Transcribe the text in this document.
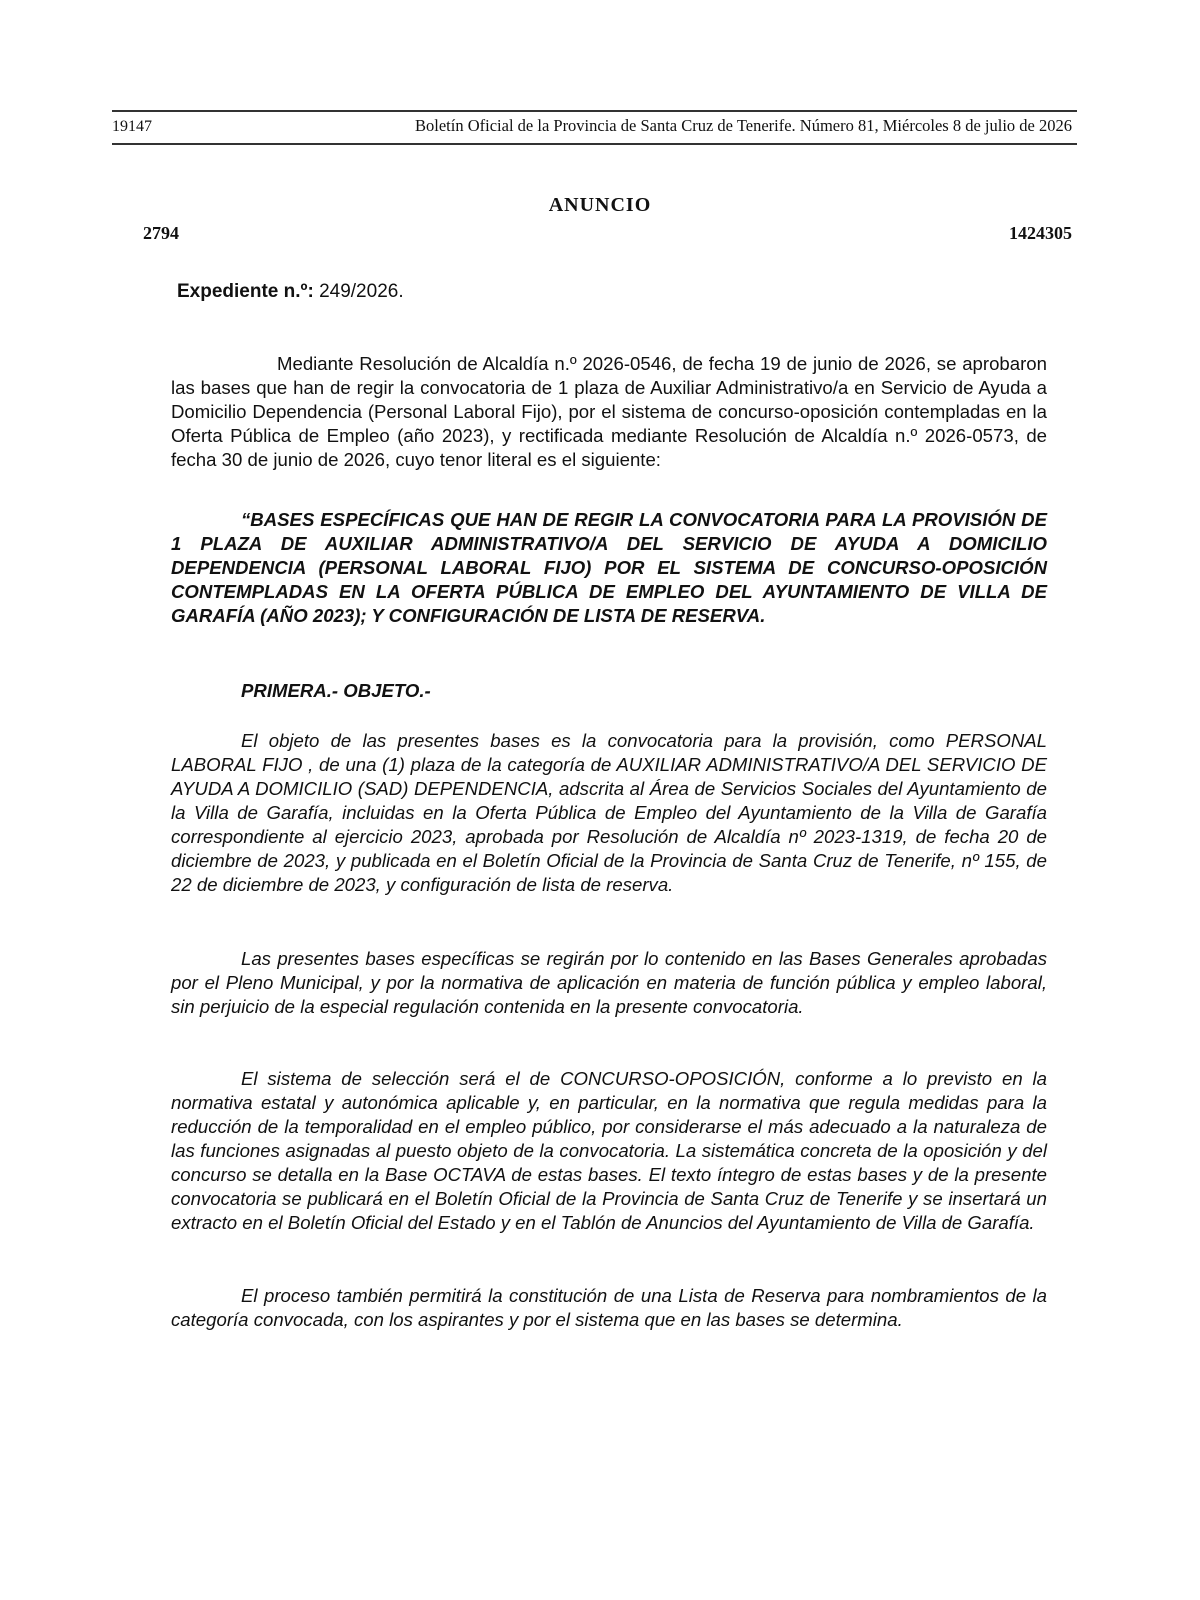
19147	Boletín Oficial de la Provincia de Santa Cruz de Tenerife. Número 81, Miércoles 8 de julio de 2026
ANUNCIO
2794	1424305
Expediente n.º: 249/2026.
Mediante Resolución de Alcaldía n.º 2026-0546, de fecha 19 de junio de 2026, se aprobaron las bases que han de regir la convocatoria de 1 plaza de Auxiliar Administrativo/a en Servicio de Ayuda a Domicilio Dependencia (Personal Laboral Fijo), por el sistema de concurso-oposición contempladas en la Oferta Pública de Empleo (año 2023), y rectificada mediante Resolución de Alcaldía n.º 2026-0573, de fecha 30 de junio de 2026, cuyo tenor literal es el siguiente:
“BASES ESPECÍFICAS QUE HAN DE REGIR LA CONVOCATORIA PARA LA PROVISIÓN DE 1 PLAZA DE AUXILIAR ADMINISTRATIVO/A DEL SERVICIO DE AYUDA A DOMICILIO DEPENDENCIA (PERSONAL LABORAL FIJO) POR EL SISTEMA DE CONCURSO-OPOSICIÓN CONTEMPLADAS EN LA OFERTA PÚBLICA DE EMPLEO DEL AYUNTAMIENTO DE VILLA DE GARAFÍA (AÑO 2023); Y CONFIGURACIÓN DE LISTA DE RESERVA.
PRIMERA.- OBJETO.-
El objeto de las presentes bases es la convocatoria para la provisión, como PERSONAL LABORAL FIJO , de una (1) plaza de la categoría de AUXILIAR ADMINISTRATIVO/A DEL SERVICIO DE AYUDA A DOMICILIO (SAD) DEPENDENCIA, adscrita al Área de Servicios Sociales del Ayuntamiento de la Villa de Garafía, incluidas en la Oferta Pública de Empleo del Ayuntamiento de la Villa de Garafía correspondiente al ejercicio 2023, aprobada por Resolución de Alcaldía nº 2023-1319, de fecha 20 de diciembre de 2023, y publicada en el Boletín Oficial de la Provincia de Santa Cruz de Tenerife, nº 155, de 22 de diciembre de 2023, y configuración de lista de reserva.
Las presentes bases específicas se regirán por lo contenido en las Bases Generales aprobadas por el Pleno Municipal, y por la normativa de aplicación en materia de función pública y empleo laboral, sin perjuicio de la especial regulación contenida en la presente convocatoria.
El sistema de selección será el de CONCURSO-OPOSICIÓN, conforme a lo previsto en la normativa estatal y autonómica aplicable y, en particular, en la normativa que regula medidas para la reducción de la temporalidad en el empleo público, por considerarse el más adecuado a la naturaleza de las funciones asignadas al puesto objeto de la convocatoria. La sistemática concreta de la oposición y del concurso se detalla en la Base OCTAVA de estas bases. El texto íntegro de estas bases y de la presente convocatoria se publicará en el Boletín Oficial de la Provincia de Santa Cruz de Tenerife y se insertará un extracto en el Boletín Oficial del Estado y en el Tablón de Anuncios del Ayuntamiento de Villa de Garafía.
El proceso también permitirá la constitución de una Lista de Reserva para nombramientos de la categoría convocada, con los aspirantes y por el sistema que en las bases se determina.
